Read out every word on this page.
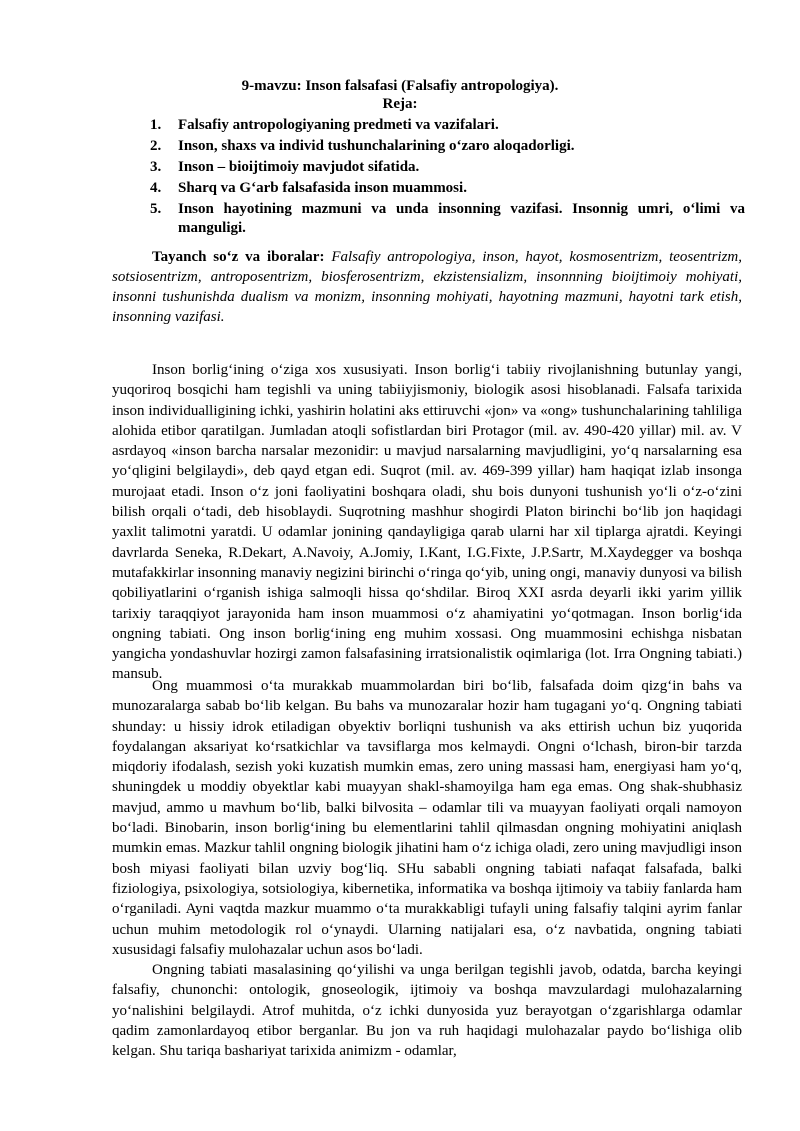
9-mavzu: Inson falsafasi (Falsafiy antropologiya).
Reja:
1. Falsafiy antropologiyaning predmeti va vazifalari.
2. Inson, shaxs va individ tushunchalarining o‘zaro aloqadorligi.
3. Inson – bioijtimoiy mavjudot sifatida.
4. Sharq va G‘arb falsafasida inson muammosi.
5. Inson hayotining mazmuni va unda insonning vazifasi. Insonnig umri, o‘limi va manguligi.

Tayanch so‘z va iboralar: Falsafiy antropologiya, inson, hayot, kosmosentrizm, teosentrizm, sotsiosentrizm, antroposentrizm, biosferosentrizm, ekzistensializm, insonnning bioijtimoiy mohiyati, insonni tushunishda dualism va monizm, insonning mohiyati, hayotning mazmuni, hayotni tark etish, insonning vazifasi.

Inson borlig‘ining o‘ziga xos xususiyati. Inson borlig‘i tabiiy rivojlanishning butunlay yangi, yuqoriroq bosqichi ham tegishli va uning tabiiyjismoniy, biologik asosi hisoblanadi. Falsafa tarixida inson individualligining ichki, yashirin holatini aks ettiruvchi «jon» va «ong» tushunchalarining tahliliga alohida etibor qaratilgan. Jumladan atoqli sofistlardan biri Protagor (mil. av. 490-420 yillar) mil. av. V asrdayoq «inson barcha narsalar mezonidir: u mavjud narsalarning mavjudligini, yo‘q narsalarning esa yo‘qligini belgilaydi», deb qayd etgan edi. Suqrot (mil. av. 469-399 yillar) ham haqiqat izlab insonga murojaat etadi. Inson o‘z joni faoliyatini boshqara oladi, shu bois dunyoni tushunish yo‘li o‘z-o‘zini bilish orqali o‘tadi, deb hisoblaydi. Suqrotning mashhur shogirdi Platon birinchi bo‘lib jon haqidagi yaxlit talimotni yaratdi. U odamlar jonining qandayligiga qarab ularni har xil tiplarga ajratdi. Keyingi davrlarda Seneka, R.Dekart, A.Navoiy, A.Jomiy, I.Kant, I.G.Fixte, J.P.Sartr, M.Xaydegger va boshqa mutafakkirlar insonning manaviy negizini birinchi o‘ringa qo‘yib, uning ongi, manaviy dunyosi va bilish qobiliyatlarini o‘rganish ishiga salmoqli hissa qo‘shdilar. Biroq XXI asrda deyarli ikki yarim yillik tarixiy taraqqiyot jarayonida ham inson muammosi o‘z ahamiyatini yo‘qotmagan. Inson borlig‘ida ongning tabiati. Ong inson borlig‘ining eng muhim xossasi. Ong muammosini echishga nisbatan yangicha yondashuvlar hozirgi zamon falsafasining irratsionalistik oqimlariga (lot. Irra Ongning tabiati.) mansub.

Ong muammosi o‘ta murakkab muammolardan biri bo‘lib, falsafada doim qizg‘in bahs va munozaralarga sabab bo‘lib kelgan. Bu bahs va munozaralar hozir ham tugagani yo‘q. Ongning tabiati shunday: u hissiy idrok etiladigan obyektiv borliqni tushunish va aks ettirish uchun biz yuqorida foydalangan aksariyat ko‘rsatkichlar va tavsiflarga mos kelmaydi. Ongni o‘lchash, biron-bir tarzda miqdoriy ifodalash, sezish yoki kuzatish mumkin emas, zero uning massasi ham, energiyasi ham yo‘q, shuningdek u moddiy obyektlar kabi muayyan shakl-shamoyilga ham ega emas. Ong shak-shubhasiz mavjud, ammo u mavhum bo‘lib, balki bilvosita – odamlar tili va muayyan faoliyati orqali namoyon bo‘ladi. Binobarin, inson borlig‘ining bu elementlarini tahlil qilmasdan ongning mohiyatini aniqlash mumkin emas. Mazkur tahlil ongning biologik jihatini ham o‘z ichiga oladi, zero uning mavjudligi inson bosh miyasi faoliyati bilan uzviy bog‘liq. SHu sababli ongning tabiati nafaqat falsafada, balki fiziologiya, psixologiya, sotsiologiya, kibernetika, informatika va boshqa ijtimoiy va tabiiy fanlarda ham o‘rganiladi. Ayni vaqtda mazkur muammo o‘ta murakkabligi tufayli uning falsafiy talqini ayrim fanlar uchun muhim metodologik rol o‘ynaydi. Ularning natijalari esa, o‘z navbatida, ongning tabiati xususidagi falsafiy mulohazalar uchun asos bo‘ladi.

Ongning tabiati masalasining qo‘yilishi va unga berilgan tegishli javob, odatda, barcha keyingi falsafiy, chunonchi: ontologik, gnoseologik, ijtimoiy va boshqa mavzulardagi mulohazalarning yo‘nalishini belgilaydi. Atrof muhitda, o‘z ichki dunyosida yuz berayotgan o‘zgarishlarga odamlar qadim zamonlardayoq etibor berganlar. Bu jon va ruh haqidagi mulohazalar paydo bo‘lishiga olib kelgan. Shu tariqa bashariyat tarixida animizm - odamlar,
